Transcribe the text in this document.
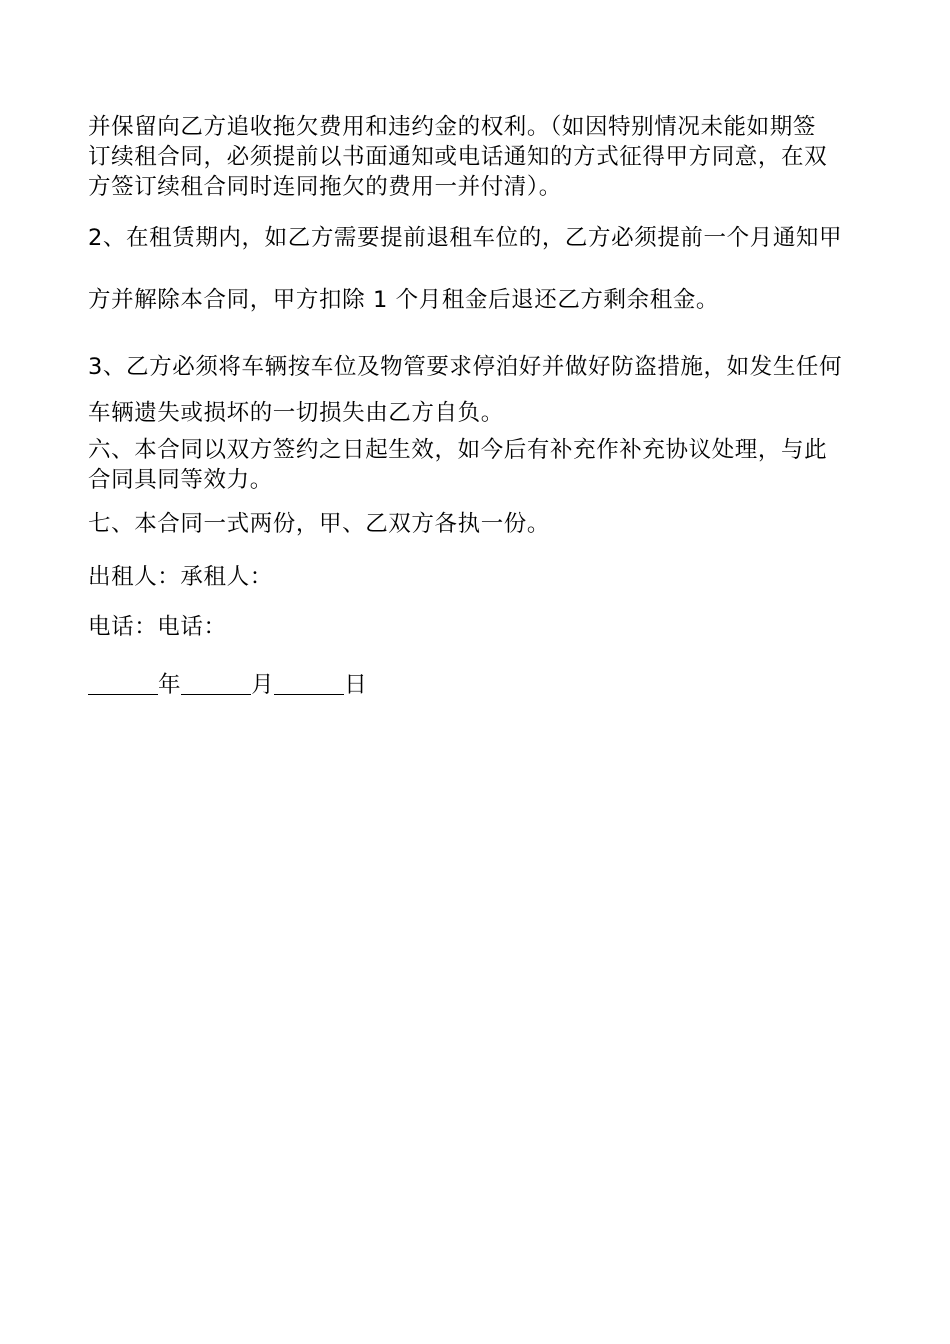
并保留向乙方追收拖欠费用和违约金的权利。（如因特别情况未能如期签
订续租合同，必须提前以书面通知或电话通知的方式征得甲方同意，在双
方签订续租合同时连同拖欠的费用一并付清）。
2、在租赁期内，如乙方需要提前退租车位的，乙方必须提前一个月通知甲
方并解除本合同，甲方扣除 1 个月租金后退还乙方剩余租金。
3、乙方必须将车辆按车位及物管要求停泊好并做好防盗措施，如发生任何
车辆遗失或损坏的一切损失由乙方自负。
六、本合同以双方签约之日起生效，如今后有补充作补充协议处理，与此
合同具同等效力。
七、本合同一式两份，甲、乙双方各执一份。
出租人：承租人：
电话：电话：
年	月	日
